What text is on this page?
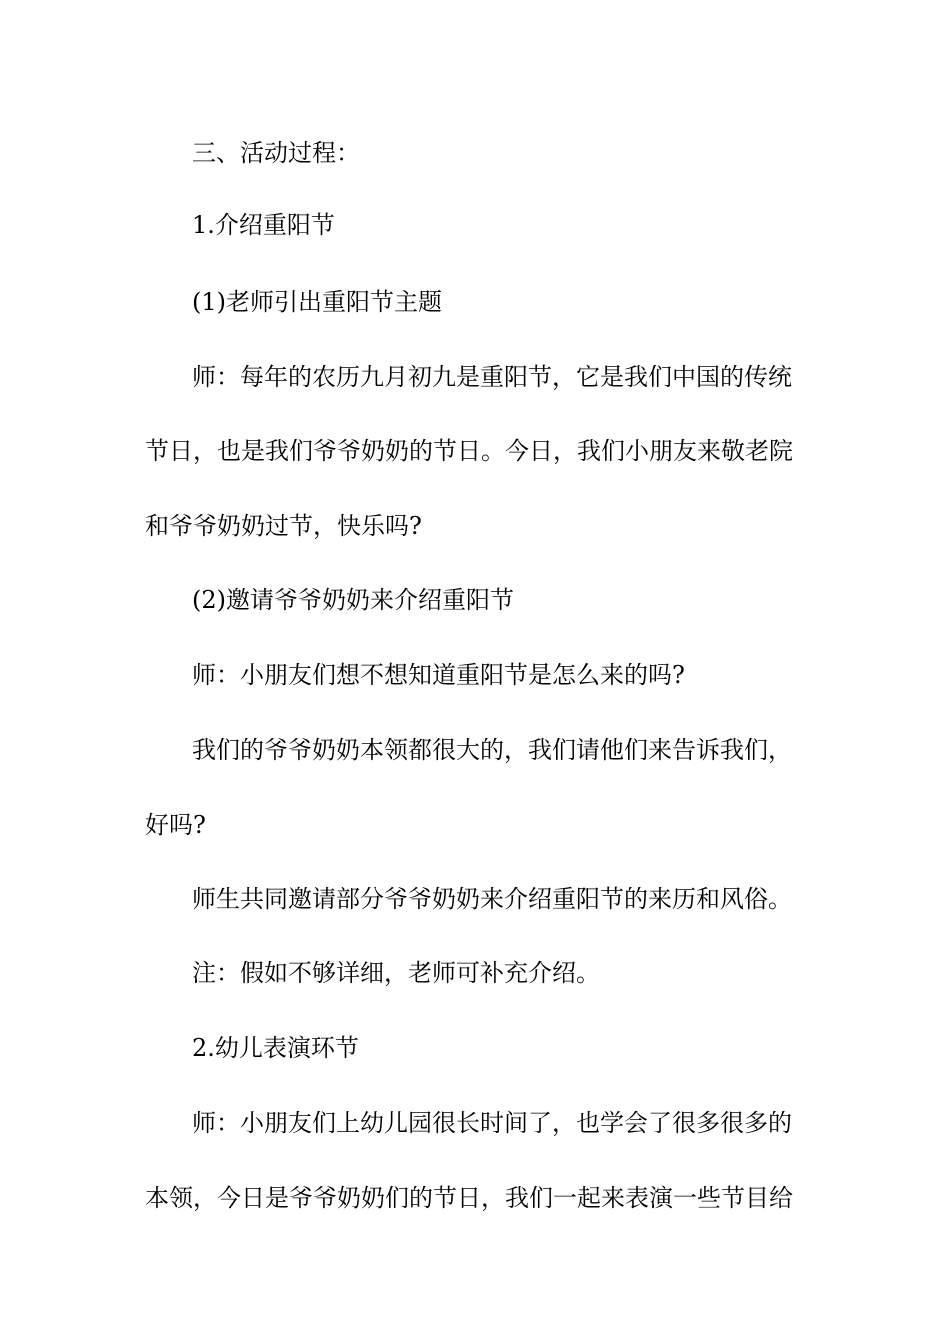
三、活动过程：
1.介绍重阳节
(1)老师引出重阳节主题
师：每年的农历九月初九是重阳节，它是我们中国的传统
节日，也是我们爷爷奶奶的节日。今日，我们小朋友来敬老院
和爷爷奶奶过节，快乐吗?
(2)邀请爷爷奶奶来介绍重阳节
师：小朋友们想不想知道重阳节是怎么来的吗?
我们的爷爷奶奶本领都很大的，我们请他们来告诉我们，
好吗?
师生共同邀请部分爷爷奶奶来介绍重阳节的来历和风俗。
注：假如不够详细，老师可补充介绍。
2.幼儿表演环节
师：小朋友们上幼儿园很长时间了，也学会了很多很多的
本领，今日是爷爷奶奶们的节日，我们一起来表演一些节目给
